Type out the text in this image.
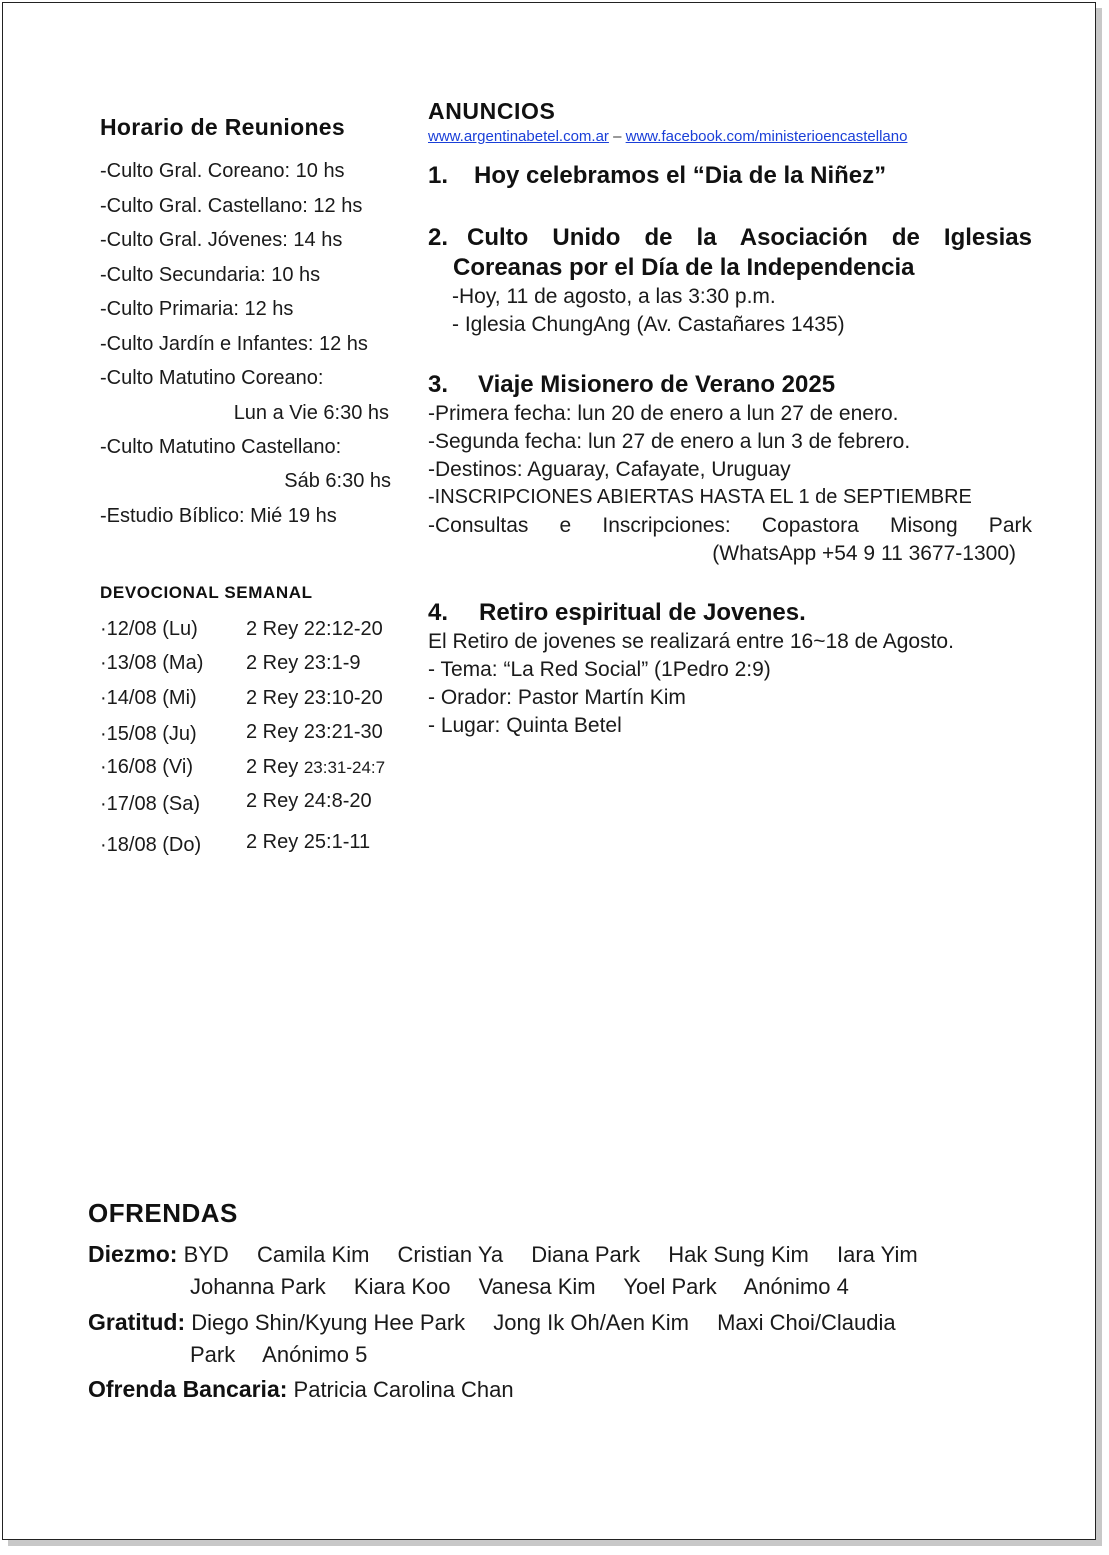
Horario de Reuniones
-Culto Gral. Coreano: 10 hs
-Culto Gral. Castellano: 12 hs
-Culto Gral. Jóvenes: 14 hs
-Culto Secundaria: 10 hs
-Culto Primaria: 12 hs
-Culto Jardín e Infantes: 12 hs
-Culto Matutino Coreano:
Lun a Vie 6:30 hs
-Culto Matutino Castellano:
Sáb 6:30 hs
-Estudio Bíblico: Mié 19 hs
DEVOCIONAL SEMANAL
·12/08 (Lu) 2 Rey 22:12-20
·13/08 (Ma) 2 Rey 23:1-9
·14/08 (Mi) 2 Rey 23:10-20
·15/08 (Ju) 2 Rey 23:21-30
·16/08 (Vi)	2 Rey 23:31-24:7
·17/08 (Sa) 2 Rey 24:8-20
·18/08 (Do) 2 Rey 25:1-11
ANUNCIOS
www.argentinabetel.com.ar – www.facebook.com/ministerioencastellano
1. Hoy celebramos el “Dia de la Niñez”
2. Culto Unido de la Asociación de Iglesias
Coreanas por el Día de la Independencia
-Hoy, 11 de agosto, a las 3:30 p.m.
- Iglesia ChungAng (Av. Castañares 1435)
3. Viaje Misionero de Verano 2025
-Primera fecha: lun 20 de enero a lun 27 de enero.
-Segunda fecha: lun 27 de enero a lun 3 de febrero.
-Destinos: Aguaray, Cafayate, Uruguay
-INSCRIPCIONES ABIERTAS HASTA EL 1 de SEPTIEMBRE
-Consultas e Inscripciones: Copastora Misong Park
(WhatsApp +54 9 11 3677-1300)
4. Retiro espiritual de Jovenes.
El Retiro de jovenes se realizará entre 16~18 de Agosto.
- Tema: “La Red Social” (1Pedro 2:9)
- Orador: Pastor Martín Kim
- Lugar: Quinta Betel
OFRENDAS
Diezmo: BYD Camila Kim Cristian Ya Diana Park Hak Sung Kim Iara Yim
Johanna Park Kiara Koo Vanesa Kim Yoel Park Anónimo 4
Gratitud: Diego Shin/Kyung Hee Park Jong Ik Oh/Aen Kim Maxi Choi/Claudia
Park Anónimo 5
Ofrenda Bancaria: Patricia Carolina Chan
